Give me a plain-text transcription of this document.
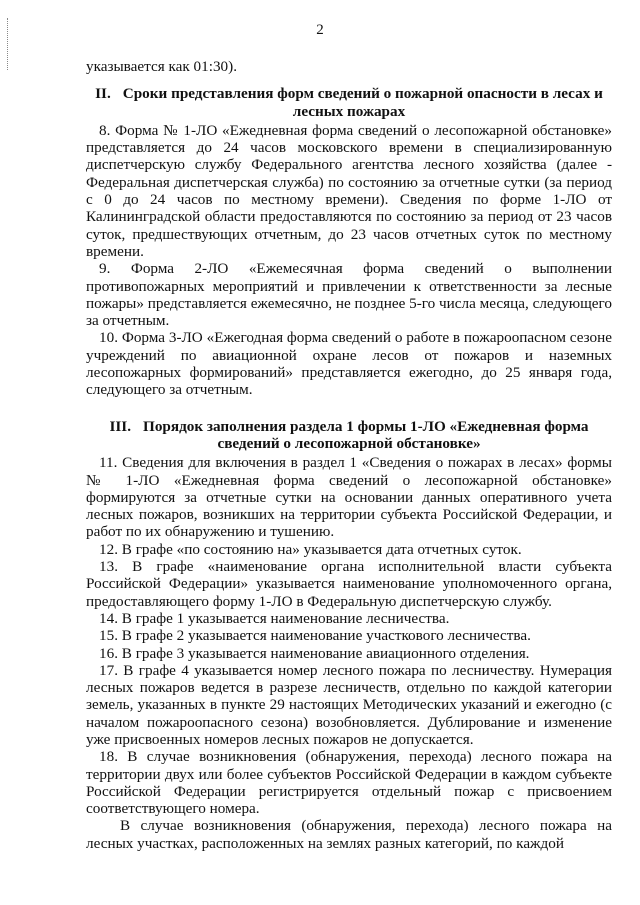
2

указывается как 01:30).

II. Сроки представления форм сведений о пожарной опасности в лесах и лесных пожарах

8. Форма № 1-ЛО «Ежедневная форма сведений о лесопожарной обстановке» представляется до 24 часов московского времени в специализированную диспетчерскую службу Федерального агентства лесного хозяйства (далее - Федеральная диспетчерская служба) по состоянию за отчетные сутки (за период с 0 до 24 часов по местному времени). Сведения по форме 1-ЛО от Калининградской области предоставляются по состоянию за период от 23 часов суток, предшествующих отчетным, до 23 часов отчетных суток по местному времени.

9. Форма 2-ЛО «Ежемесячная форма сведений о выполнении противопожарных мероприятий и привлечении к ответственности за лесные пожары» представляется ежемесячно, не позднее 5-го числа месяца, следующего за отчетным.

10. Форма 3-ЛО «Ежегодная форма сведений о работе в пожароопасном сезоне учреждений по авиационной охране лесов от пожаров и наземных лесопожарных формирований» представляется ежегодно, до 25 января года, следующего за отчетным.

III. Порядок заполнения раздела 1 формы 1-ЛО «Ежедневная форма сведений о лесопожарной обстановке»

11. Сведения для включения в раздел 1 «Сведения о пожарах в лесах» формы № 1-ЛО «Ежедневная форма сведений о лесопожарной обстановке» формируются за отчетные сутки на основании данных оперативного учета лесных пожаров, возникших на территории субъекта Российской Федерации, и работ по их обнаружению и тушению.

12. В графе «по состоянию на» указывается дата отчетных суток.

13. В графе «наименование органа исполнительной власти субъекта Российской Федерации» указывается наименование уполномоченного органа, предоставляющего форму 1-ЛО в Федеральную диспетчерскую службу.

14. В графе 1 указывается наименование лесничества.

15. В графе 2 указывается наименование участкового лесничества.

16. В графе 3 указывается наименование авиационного отделения.

17. В графе 4 указывается номер лесного пожара по лесничеству. Нумерация лесных пожаров ведется в разрезе лесничеств, отдельно по каждой категории земель, указанных в пункте 29 настоящих Методических указаний и ежегодно (с началом пожароопасного сезона) возобновляется. Дублирование и изменение уже присвоенных номеров лесных пожаров не допускается.

18. В случае возникновения (обнаружения, перехода) лесного пожара на территории двух или более субъектов Российской Федерации в каждом субъекте Российской Федерации регистрируется отдельный пожар с присвоением соответствующего номера.

В случае возникновения (обнаружения, перехода) лесного пожара на лесных участках, расположенных на землях разных категорий, по каждой
